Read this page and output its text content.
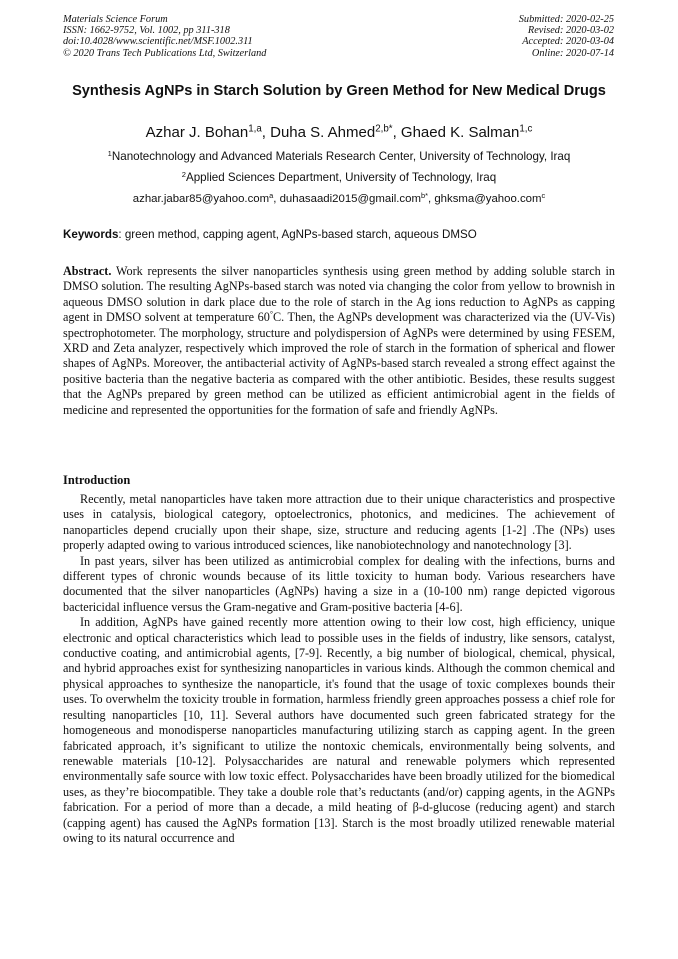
Materials Science Forum
ISSN: 1662-9752, Vol. 1002, pp 311-318
doi:10.4028/www.scientific.net/MSF.1002.311
© 2020 Trans Tech Publications Ltd, Switzerland
Submitted: 2020-02-25
Revised: 2020-03-02
Accepted: 2020-03-04
Online: 2020-07-14
Synthesis AgNPs in Starch Solution by Green Method for New Medical Drugs
Azhar J. Bohan$^{1,a}$, Duha S. Ahmed$^{2,b*}$, Ghaed K. Salman$^{1,c}$
$^1$Nanotechnology and Advanced Materials Research Center, University of Technology, Iraq
$^2$Applied Sciences Department, University of Technology, Iraq
azhar.jabar85@yahoo.com$^a$, duhasaadi2015@gmail.com$^{b*}$, ghksma@yahoo.com$^c$
Keywords: green method, capping agent, AgNPs-based starch, aqueous DMSO
Abstract. Work represents the silver nanoparticles synthesis using green method by adding soluble starch in DMSO solution. The resulting AgNPs-based starch was noted via changing the color from yellow to brownish in aqueous DMSO solution in dark place due to the role of starch in the Ag ions reduction to AgNPs as capping agent in DMSO solvent at temperature 60°C. Then, the AgNPs development was characterized via the (UV-Vis) spectrophotometer. The morphology, structure and polydispersion of AgNPs were determined by using FESEM, XRD and Zeta analyzer, respectively which improved the role of starch in the formation of spherical and flower shapes of AgNPs. Moreover, the antibacterial activity of AgNPs-based starch revealed a strong effect against the positive bacteria than the negative bacteria as compared with the other antibiotic. Besides, these results suggest that the AgNPs prepared by green method can be utilized as efficient antimicrobial agent in the fields of medicine and represented the opportunities for the formation of safe and friendly AgNPs.
Introduction

Recently, metal nanoparticles have taken more attraction due to their unique characteristics and prospective uses in catalysis, biological category, optoelectronics, photonics, and medicines. The achievement of nanoparticles depend crucially upon their shape, size, structure and reducing agents [1-2] .The (NPs) uses properly adapted owing to various introduced sciences, like nanobiotechnology and nanotechnology [3].

In past years, silver has been utilized as antimicrobial complex for dealing with the infections, burns and different types of chronic wounds because of its little toxicity to human body. Various researchers have documented that the silver nanoparticles (AgNPs) having a size in a (10-100 nm) range depicted vigorous bactericidal influence versus the Gram-negative and Gram-positive bacteria [4-6].

In addition, AgNPs have gained recently more attention owing to their low cost, high efficiency, unique electronic and optical characteristics which lead to possible uses in the fields of industry, like sensors, catalyst, conductive coating, and antimicrobial agents, [7-9]. Recently, a big number of biological, chemical, physical, and hybrid approaches exist for synthesizing nanoparticles in various kinds. Although the common chemical and physical approaches to synthesize the nanoparticle, it's found that the usage of toxic complexes bounds their uses. To overwhelm the toxicity trouble in formation, harmless friendly green approaches possess a chief role for resulting nanoparticles [10, 11]. Several authors have documented such green fabricated strategy for the homogeneous and monodisperse nanoparticles manufacturing utilizing starch as capping agent. In the green fabricated approach, it’s significant to utilize the nontoxic chemicals, environmentally being solvents, and renewable materials [10-12]. Polysaccharides are natural and renewable polymers which represented environmentally safe source with low toxic effect. Polysaccharides have been broadly utilized for the biomedical uses, as they’re biocompatible. They take a double role that’s reductants (and/or) capping agents, in the AGNPs fabrication. For a period of more than a decade, a mild heating of β-d-glucose (reducing agent) and starch (capping agent) has caused the AgNPs formation [13]. Starch is the most broadly utilized renewable material owing to its natural occurrence and
